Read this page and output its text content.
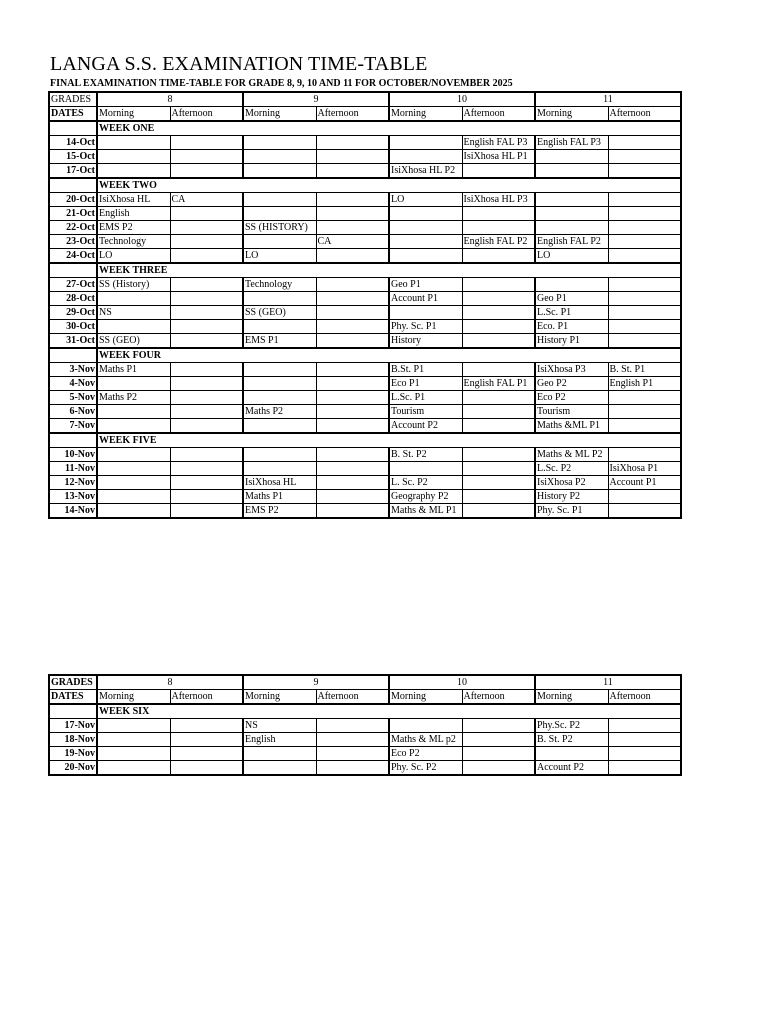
LANGA S.S. EXAMINATION TIME-TABLE
FINAL EXAMINATION TIME-TABLE FOR GRADE 8, 9, 10 AND 11 FOR OCTOBER/NOVEMBER 2025
GRADES	8		9		10		11	
DATES	Morning	Afternoon	Morning	Afternoon	Morning	Afternoon	Morning	Afternoon
	WEEK ONE							
14-Oct						English FAL P3	English FAL P3	
15-Oct						IsiXhosa HL P1		
17-Oct					IsiXhosa HL P2			
	WEEK TWO							
20-Oct	IsiXhosa HL	CA			LO	IsiXhosa HL P3		
21-Oct	English							
22-Oct	EMS P2		SS (HISTORY)					
23-Oct	Technology			CA		English FAL P2	English FAL P2	
24-Oct	LO		LO				LO	
	WEEK THREE							
27-Oct	SS (History)		Technology		Geo P1			
28-Oct					Account P1		Geo P1	
29-Oct	NS		SS (GEO)				L.Sc. P1	
30-Oct					Phy. Sc. P1		Eco. P1	
31-Oct	SS (GEO)		EMS P1		History		History P1	
	WEEK FOUR							
3-Nov	Maths P1				B.St. P1		IsiXhosa P3	B. St. P1
4-Nov					Eco P1	English FAL P1	Geo P2	English P1
5-Nov	Maths P2				L.Sc. P1		Eco P2	
6-Nov			Maths P2		Tourism		Tourism	
7-Nov					Account P2		Maths &ML P1	
	WEEK FIVE							
10-Nov					B. St. P2		Maths & ML P2	
11-Nov							L.Sc. P2	IsiXhosa P1
12-Nov			IsiXhosa HL		L. Sc. P2		IsiXhosa P2	Account P1
13-Nov			Maths P1		Geography P2		History P2	
14-Nov			EMS P2		Maths & ML P1		Phy. Sc. P1	
GRADES	8		9		10		11	
DATES	Morning	Afternoon	Morning	Afternoon	Morning	Afternoon	Morning	Afternoon
	WEEK SIX							
17-Nov			NS				Phy.Sc. P2	
18-Nov			English		Maths & ML p2		B. St. P2	
19-Nov					Eco P2			
20-Nov					Phy. Sc. P2		Account P2	
